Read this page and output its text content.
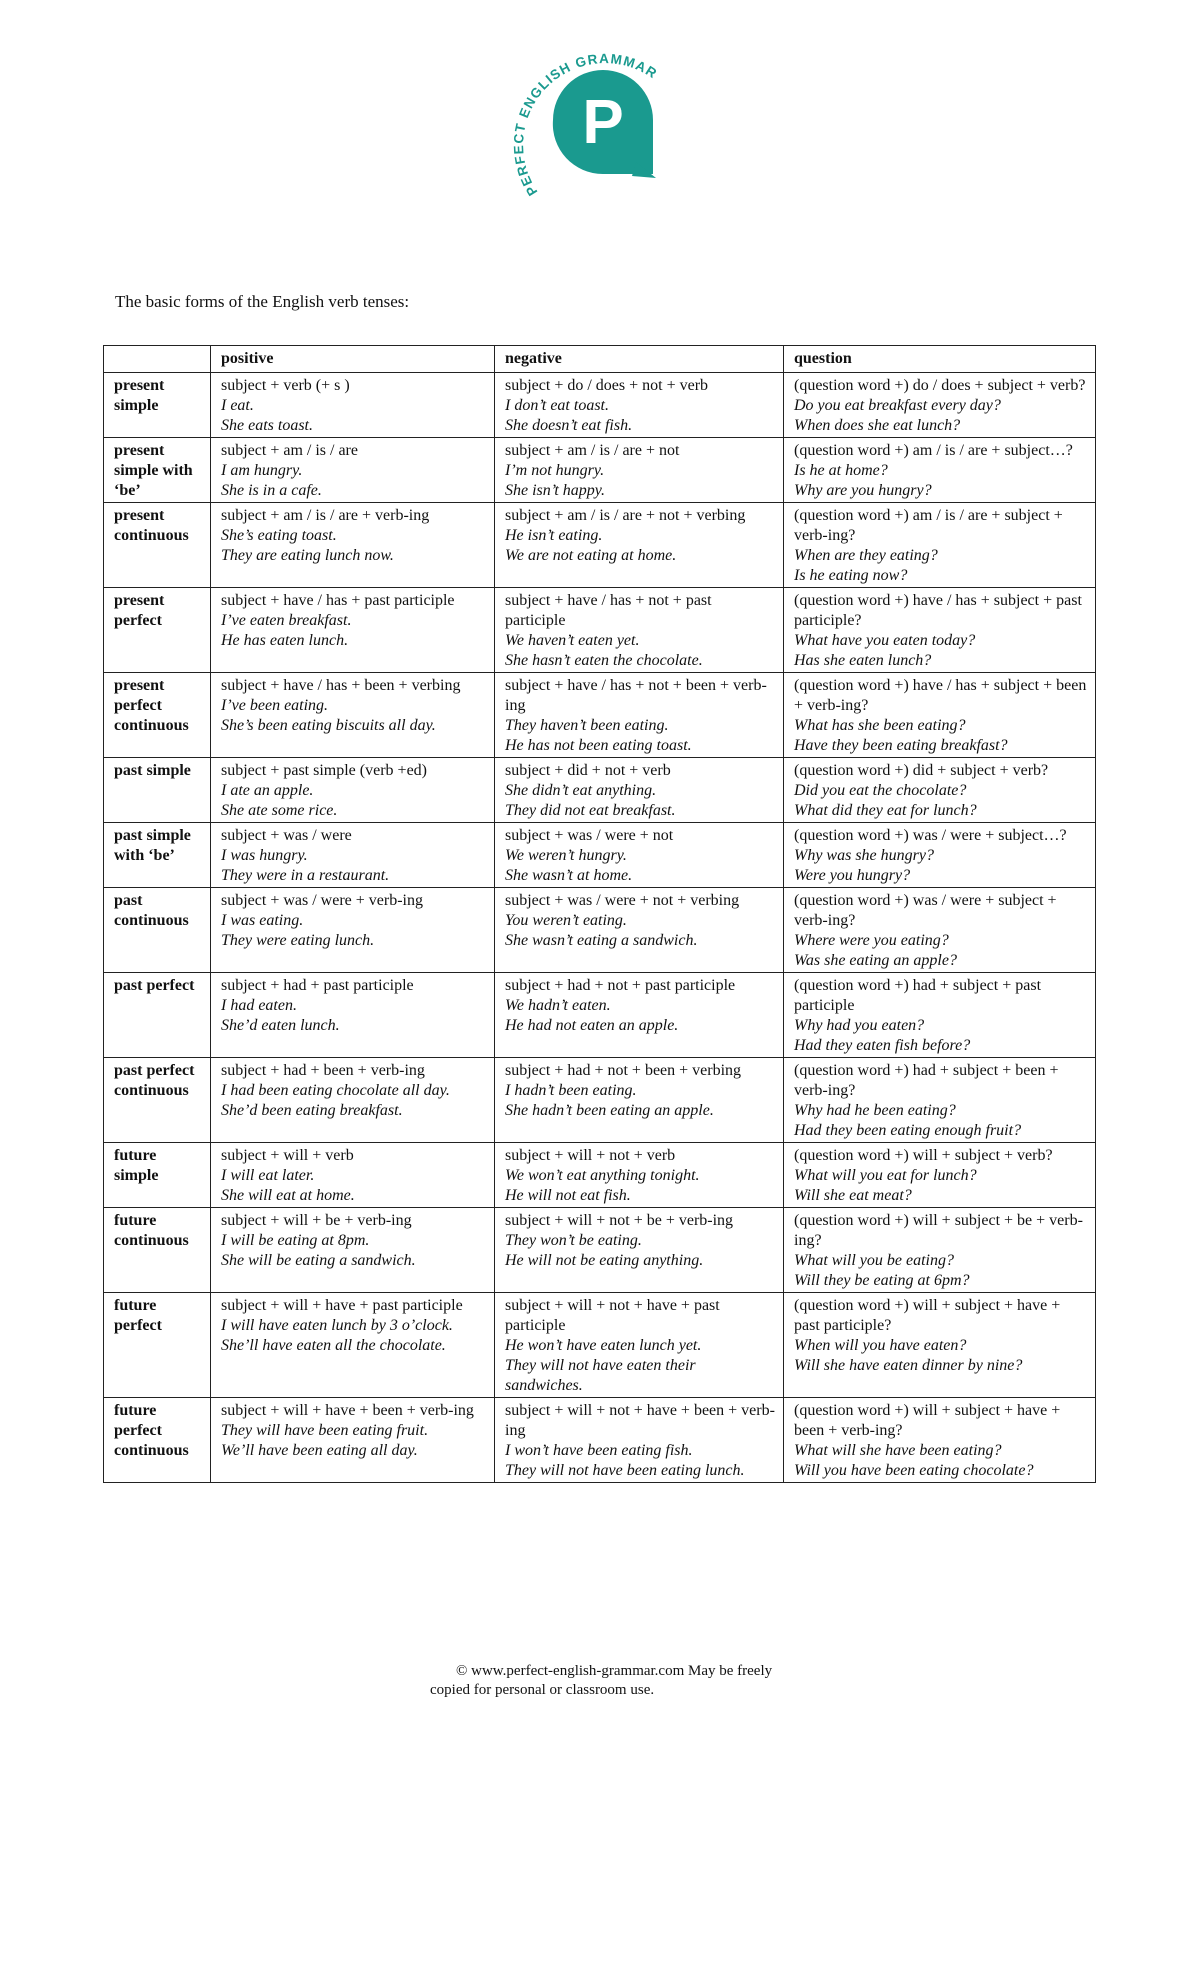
PERFECT ENGLISH GRAMMAR
P
The basic forms of the English verb tenses:
	positive	negative	question
present simple	subject + verb (+ s )
I eat.
She eats toast.	subject + do / does + not + verb
I don’t eat toast.
She doesn’t eat fish.	(question word +) do / does + subject + verb?
Do you eat breakfast every day?
When does she eat lunch?

present simple with ‘be’	subject + am / is / are
I am hungry.
She is in a cafe.	subject + am / is / are + not
I’m not hungry.
She isn’t happy.	(question word +) am / is / are + subject…?
Is he at home?
Why are you hungry?

present continuous	subject + am / is / are + verb-ing
She’s eating toast.
They are eating lunch now.	subject + am / is / are + not + verbing
He isn’t eating.
We are not eating at home.	(question word +) am / is / are + subject + verb-ing?
When are they eating?
Is he eating now?

present perfect	subject + have / has + past participle
I’ve eaten breakfast.
He has eaten lunch.	subject + have / has + not + past participle
We haven’t eaten yet.
She hasn’t eaten the chocolate.	(question word +) have / has + subject + past participle?
What have you eaten today?
Has she eaten lunch?

present perfect continuous	subject + have / has + been + verbing
I’ve been eating.
She’s been eating biscuits all day.	subject + have / has + not + been + verb-ing
They haven’t been eating.
He has not been eating toast.	(question word +) have / has + subject + been + verb-ing?
What has she been eating?
Have they been eating breakfast?

past simple	subject + past simple (verb +ed)
I ate an apple.
She ate some rice.	subject + did + not + verb
She didn’t eat anything.
They did not eat breakfast.	(question word +) did + subject + verb?
Did you eat the chocolate?
What did they eat for lunch?

past simple with ‘be’	subject + was / were
I was hungry.
They were in a restaurant.	subject + was / were + not
We weren’t hungry.
She wasn’t at home.	(question word +) was / were + subject…?
Why was she hungry?
Were you hungry?

past continuous	subject + was / were + verb-ing
I was eating.
They were eating lunch.	subject + was / were + not + verbing
You weren’t eating.
She wasn’t eating a sandwich.	(question word +) was / were + subject + verb-ing?
Where were you eating?
Was she eating an apple?

past perfect	subject + had + past participle
I had eaten.
She’d eaten lunch.	subject + had + not + past participle
We hadn’t eaten.
He had not eaten an apple.	(question word +) had + subject + past participle
Why had you eaten?
Had they eaten fish before?

past perfect continuous	subject + had + been + verb-ing
I had been eating chocolate all day.
She’d been eating breakfast.	subject + had + not + been + verbing
I hadn’t been eating.
She hadn’t been eating an apple.	(question word +) had + subject + been + verb-ing?
Why had he been eating?
Had they been eating enough fruit?

future simple	subject + will + verb
I will eat later.
She will eat at home.	subject + will + not + verb
We won’t eat anything tonight.
He will not eat fish.	(question word +) will + subject + verb?
What will you eat for lunch?
Will she eat meat?

future continuous	subject + will + be + verb-ing
I will be eating at 8pm.
She will be eating a sandwich.	subject + will + not + be + verb-ing
They won’t be eating.
He will not be eating anything.	(question word +) will + subject + be + verb-ing?
What will you be eating?
Will they be eating at 6pm?

future perfect	subject + will + have + past participle
I will have eaten lunch by 3 o’clock.
She’ll have eaten all the chocolate.	subject + will + not + have + past participle
He won’t have eaten lunch yet.
They will not have eaten their sandwiches.	(question word +) will + subject + have + past participle?
When will you have eaten?
Will she have eaten dinner by nine?

future perfect continuous	subject + will + have + been + verb-ing
They will have been eating fruit.
We’ll have been eating all day.	subject + will + not + have + been + verb-ing
I won’t have been eating fish.
They will not have been eating lunch.	(question word +) will + subject + have + been + verb-ing?
What will she have been eating?
Will you have been eating chocolate?
© www.perfect-english-grammar.com May be freely
copied for personal or classroom use.
